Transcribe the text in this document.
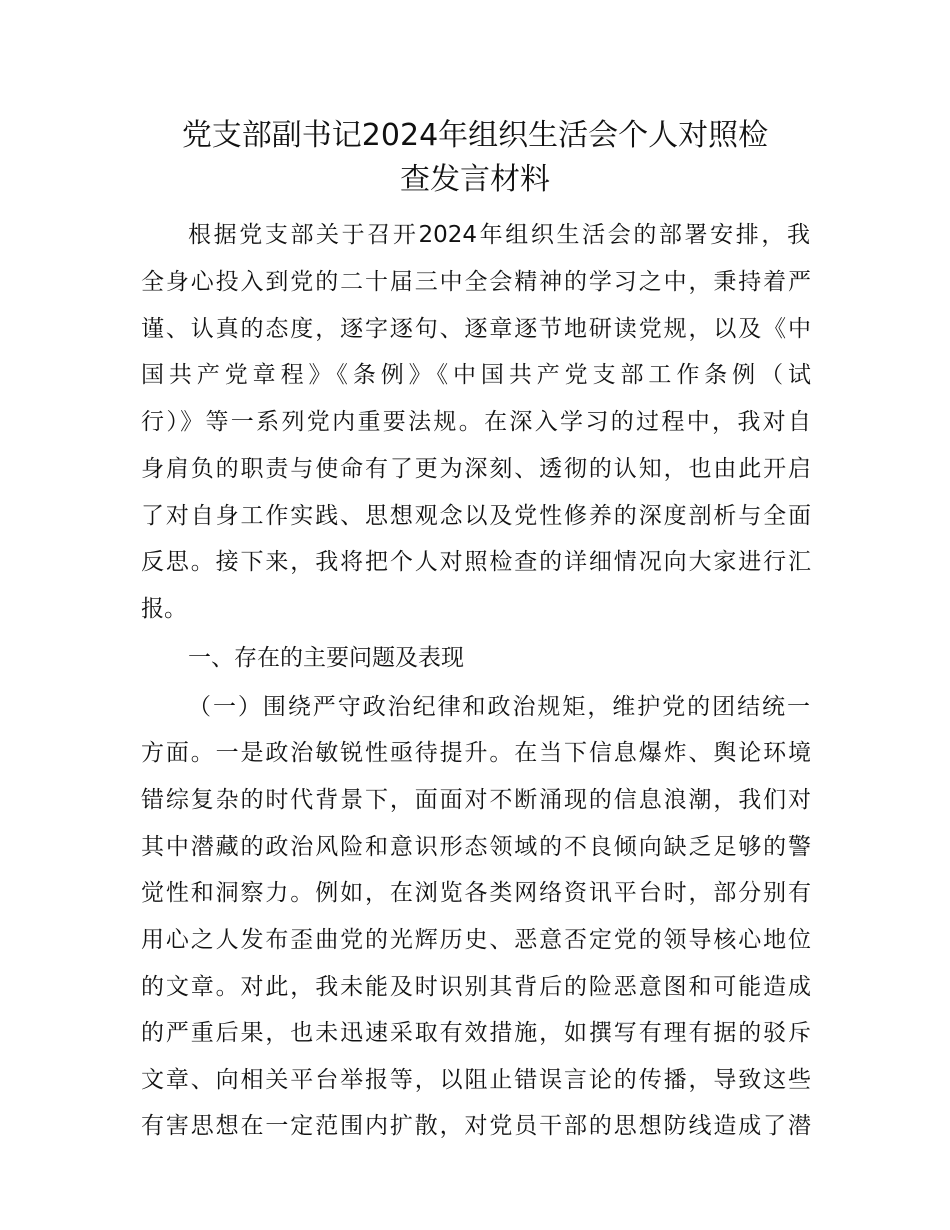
党支部副书记2024年组织生活会个人对照检
查发言材料
根据党支部关于召开2024年组织生活会的部署安排，我
全身心投入到党的二十届三中全会精神的学习之中，秉持着严
谨、认真的态度，逐字逐句、逐章逐节地研读党规，以及《中
国共产党章程》《条例》《中国共产党支部工作条例（试
行）》等一系列党内重要法规。在深入学习的过程中，我对自
身肩负的职责与使命有了更为深刻、透彻的认知，也由此开启
了对自身工作实践、思想观念以及党性修养的深度剖析与全面
反思。接下来，我将把个人对照检查的详细情况向大家进行汇
报。
一、存在的主要问题及表现
（一）围绕严守政治纪律和政治规矩，维护党的团结统一
方面。一是政治敏锐性亟待提升。在当下信息爆炸、舆论环境
错综复杂的时代背景下，面面对不断涌现的信息浪潮，我们对
其中潜藏的政治风险和意识形态领域的不良倾向缺乏足够的警
觉性和洞察力。例如，在浏览各类网络资讯平台时，部分别有
用心之人发布歪曲党的光辉历史、恶意否定党的领导核心地位
的文章。对此，我未能及时识别其背后的险恶意图和可能造成
的严重后果，也未迅速采取有效措施，如撰写有理有据的驳斥
文章、向相关平台举报等，以阻止错误言论的传播，导致这些
有害思想在一定范围内扩散，对党员干部的思想防线造成了潜
